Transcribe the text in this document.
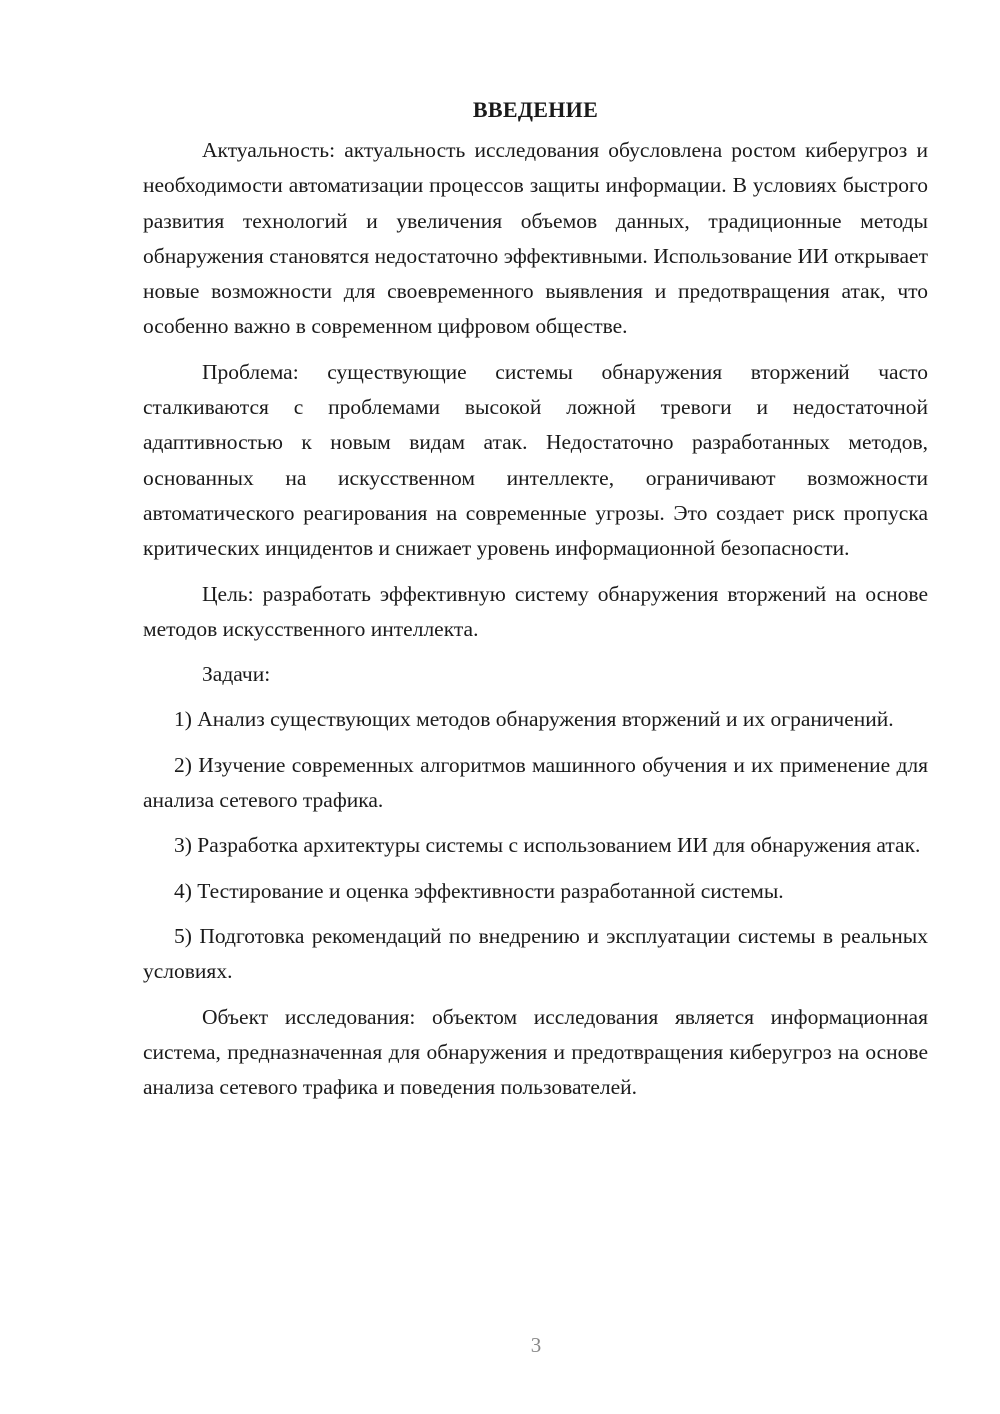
ВВЕДЕНИЕ

Актуальность: актуальность исследования обусловлена ростом киберугроз и необходимости автоматизации процессов защиты информации. В условиях быстрого развития технологий и увеличения объемов данных, традиционные методы обнаружения становятся недостаточно эффективными. Использование ИИ открывает новые возможности для своевременного выявления и предотвращения атак, что особенно важно в современном цифровом обществе.

Проблема: существующие системы обнаружения вторжений часто сталкиваются с проблемами высокой ложной тревоги и недостаточной адаптивностью к новым видам атак. Недостаточно разработанных методов, основанных на искусственном интеллекте, ограничивают возможности автоматического реагирования на современные угрозы. Это создает риск пропуска критических инцидентов и снижает уровень информационной безопасности.

Цель: разработать эффективную систему обнаружения вторжений на основе методов искусственного интеллекта.

Задачи:

1) Анализ существующих методов обнаружения вторжений и их ограничений.

2) Изучение современных алгоритмов машинного обучения и их применение для анализа сетевого трафика.

3) Разработка архитектуры системы с использованием ИИ для обнаружения атак.

4) Тестирование и оценка эффективности разработанной системы.

5) Подготовка рекомендаций по внедрению и эксплуатации системы в реальных условиях.

Объект исследования: объектом исследования является информационная система, предназначенная для обнаружения и предотвращения киберугроз на основе анализа сетевого трафика и поведения пользователей.

3
